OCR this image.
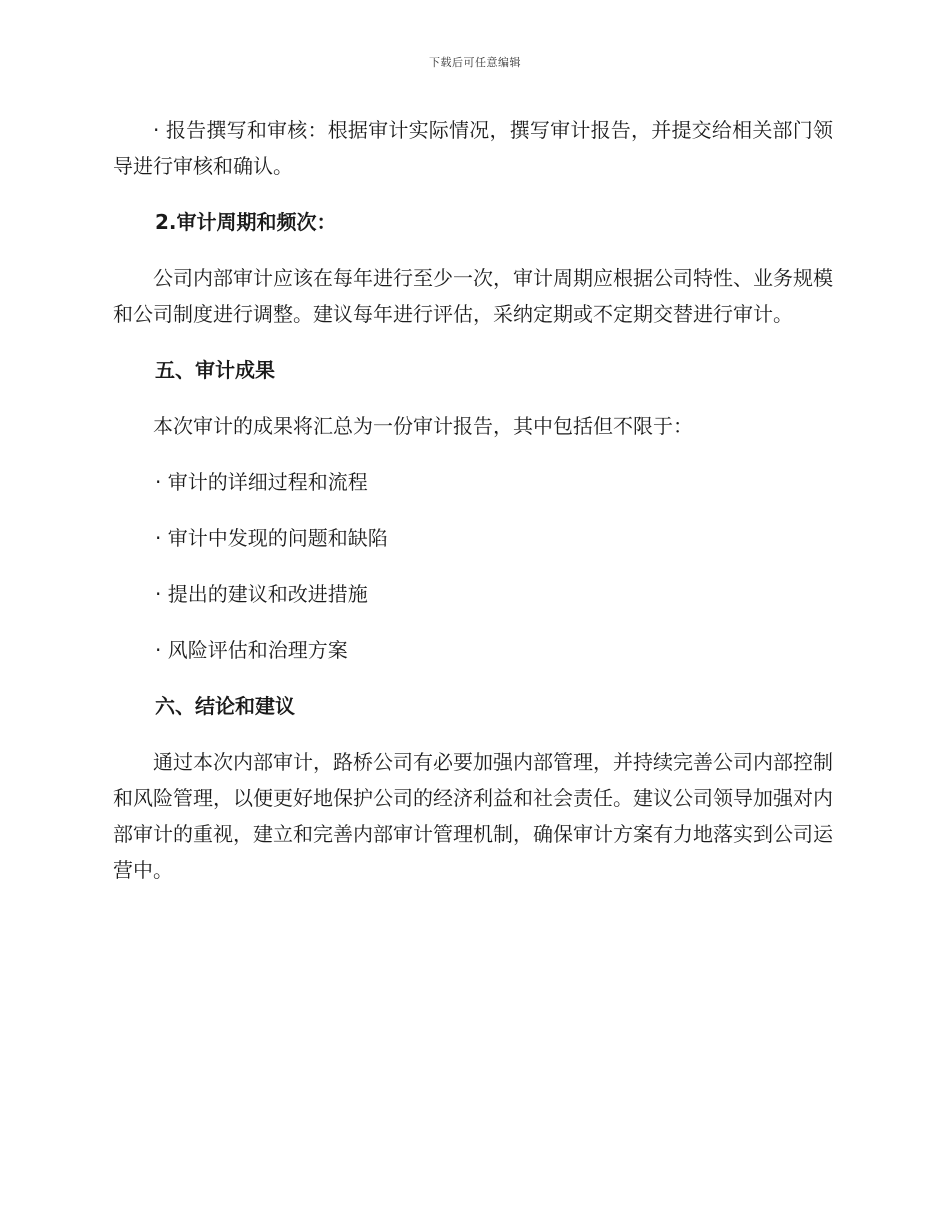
下载后可任意编辑

· 报告撰写和审核：根据审计实际情况，撰写审计报告，并提交给相关部门领导进行审核和确认。

2.审计周期和频次：

公司内部审计应该在每年进行至少一次，审计周期应根据公司特性、业务规模和公司制度进行调整。建议每年进行评估，采纳定期或不定期交替进行审计。

五、审计成果

本次审计的成果将汇总为一份审计报告，其中包括但不限于：

· 审计的详细过程和流程

· 审计中发现的问题和缺陷

· 提出的建议和改进措施

· 风险评估和治理方案

六、结论和建议

通过本次内部审计，路桥公司有必要加强内部管理，并持续完善公司内部控制和风险管理，以便更好地保护公司的经济利益和社会责任。建议公司领导加强对内部审计的重视，建立和完善内部审计管理机制，确保审计方案有力地落实到公司运营中。
